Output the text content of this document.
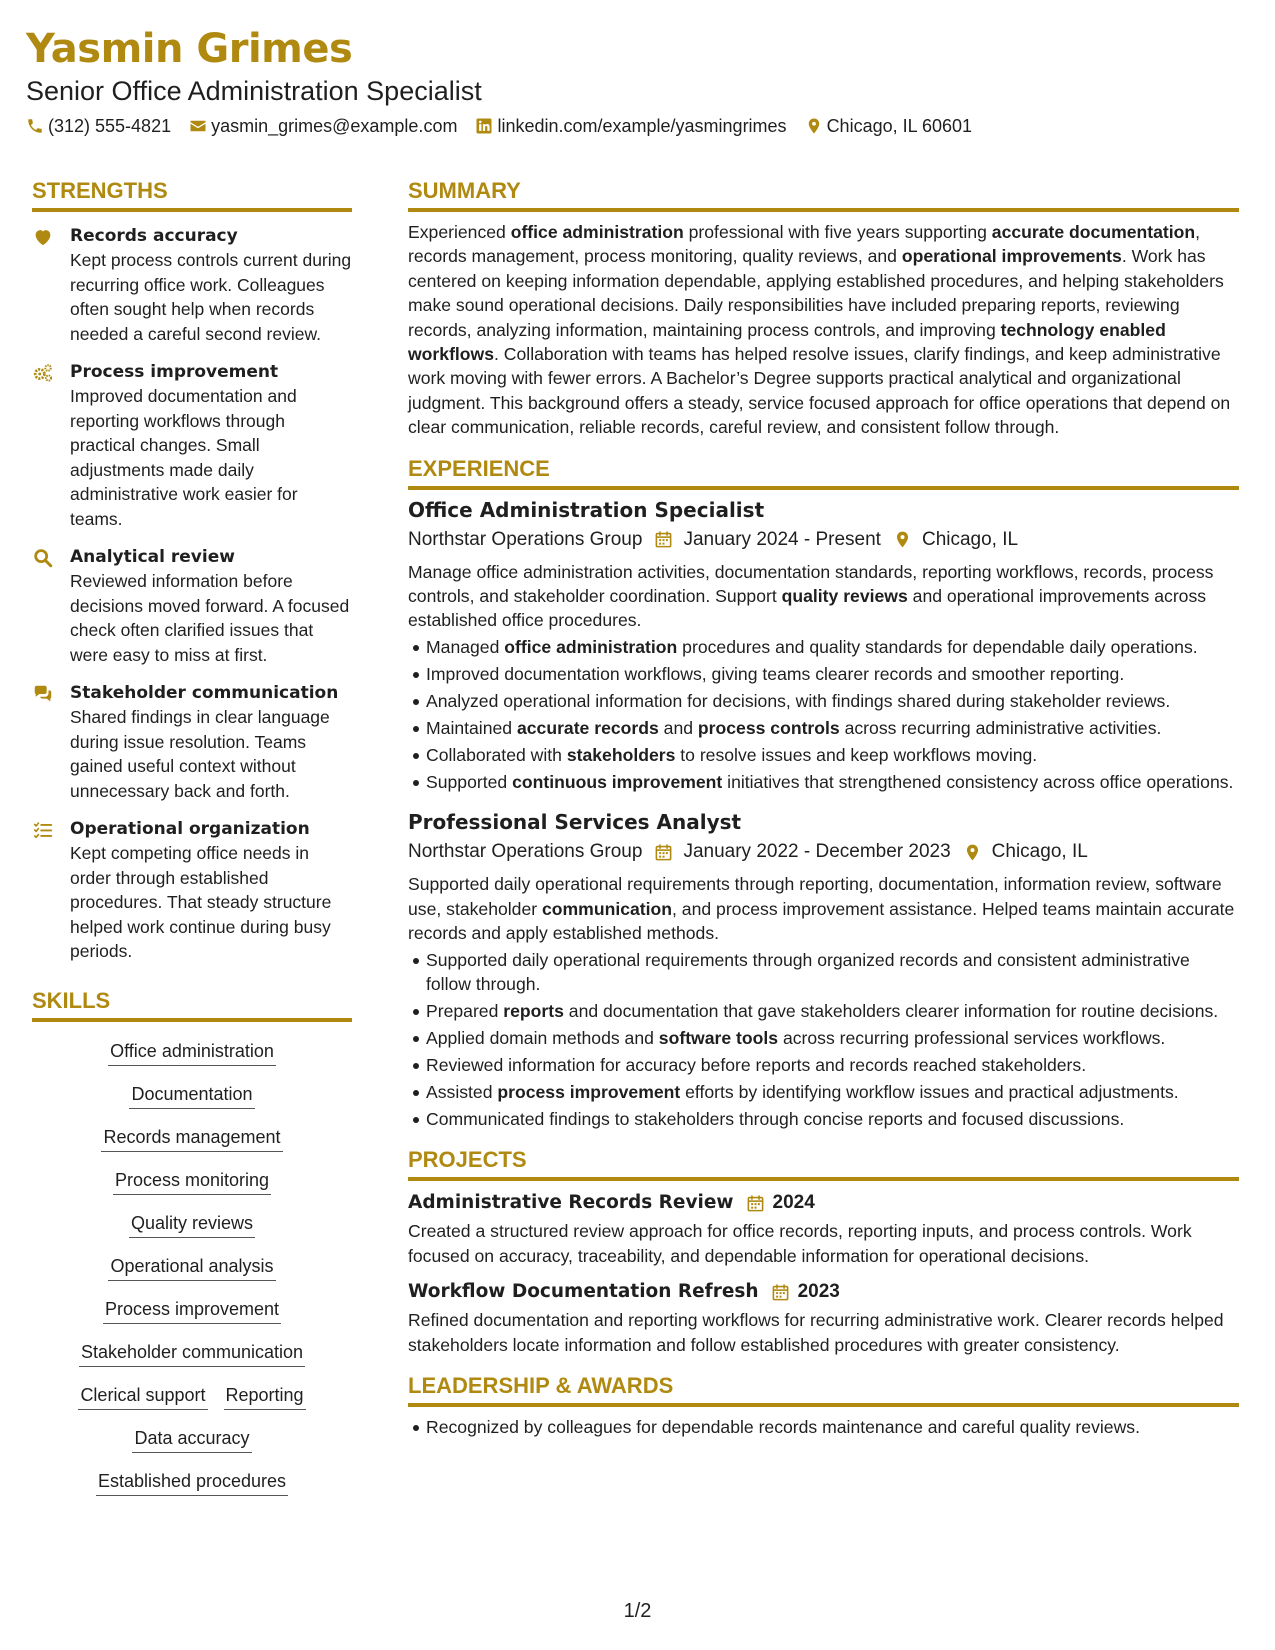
Yasmin Grimes
Senior Office Administration Specialist
(312) 555-4821 yasmin_grimes@example.com linkedin.com/example/yasmingrimes Chicago, IL 60601
STRENGTHS
Records accuracy
Kept process controls current during recurring office work. Colleagues often sought help when records needed a careful second review.
Process improvement
Improved documentation and reporting workflows through practical changes. Small adjustments made daily administrative work easier for teams.
Analytical review
Reviewed information before decisions moved forward. A focused check often clarified issues that were easy to miss at first.
Stakeholder communication
Shared findings in clear language during issue resolution. Teams gained useful context without unnecessary back and forth.
Operational organization
Kept competing office needs in order through established procedures. That steady structure helped work continue during busy periods.
SKILLS
Office administration
Documentation
Records management
Process monitoring
Quality reviews
Operational analysis
Process improvement
Stakeholder communication
Clerical support Reporting
Data accuracy
Established procedures
SUMMARY

Experienced office administration professional with five years supporting accurate documentation, records management, process monitoring, quality reviews, and operational improvements. Work has centered on keeping information dependable, applying established procedures, and helping stakeholders make sound operational decisions. Daily responsibilities have included preparing reports, reviewing records, analyzing information, maintaining process controls, and improving technology enabled workflows. Collaboration with teams has helped resolve issues, clarify findings, and keep administrative work moving with fewer errors. A Bachelor’s Degree supports practical analytical and organizational judgment. This background offers a steady, service focused approach for office operations that depend on clear communication, reliable records, careful review, and consistent follow through.

EXPERIENCE
Office Administration Specialist
Northstar Operations Group January 2024 - Present Chicago, IL

Manage office administration activities, documentation standards, reporting workflows, records, process controls, and stakeholder coordination. Support quality reviews and operational improvements across established office procedures.

Managed office administration procedures and quality standards for dependable daily operations.
Improved documentation workflows, giving teams clearer records and smoother reporting.
Analyzed operational information for decisions, with findings shared during stakeholder reviews.
Maintained accurate records and process controls across recurring administrative activities.
Collaborated with stakeholders to resolve issues and keep workflows moving.
Supported continuous improvement initiatives that strengthened consistency across office operations.
Professional Services Analyst
Northstar Operations Group January 2022 - December 2023 Chicago, IL

Supported daily operational requirements through reporting, documentation, information review, software use, stakeholder communication, and process improvement assistance. Helped teams maintain accurate records and apply established methods.

Supported daily operational requirements through organized records and consistent administrative follow through.
Prepared reports and documentation that gave stakeholders clearer information for routine decisions.
Applied domain methods and software tools across recurring professional services workflows.
Reviewed information for accuracy before reports and records reached stakeholders.
Assisted process improvement efforts by identifying workflow issues and practical adjustments.
Communicated findings to stakeholders through concise reports and focused discussions.
PROJECTS
Administrative Records Review 2024

Created a structured review approach for office records, reporting inputs, and process controls. Work focused on accuracy, traceability, and dependable information for operational decisions.

Workflow Documentation Refresh 2023

Refined documentation and reporting workflows for recurring administrative work. Clearer records helped stakeholders locate information and follow established procedures with greater consistency.

LEADERSHIP & AWARDS
Recognized by colleagues for dependable records maintenance and careful quality reviews.
1/2
